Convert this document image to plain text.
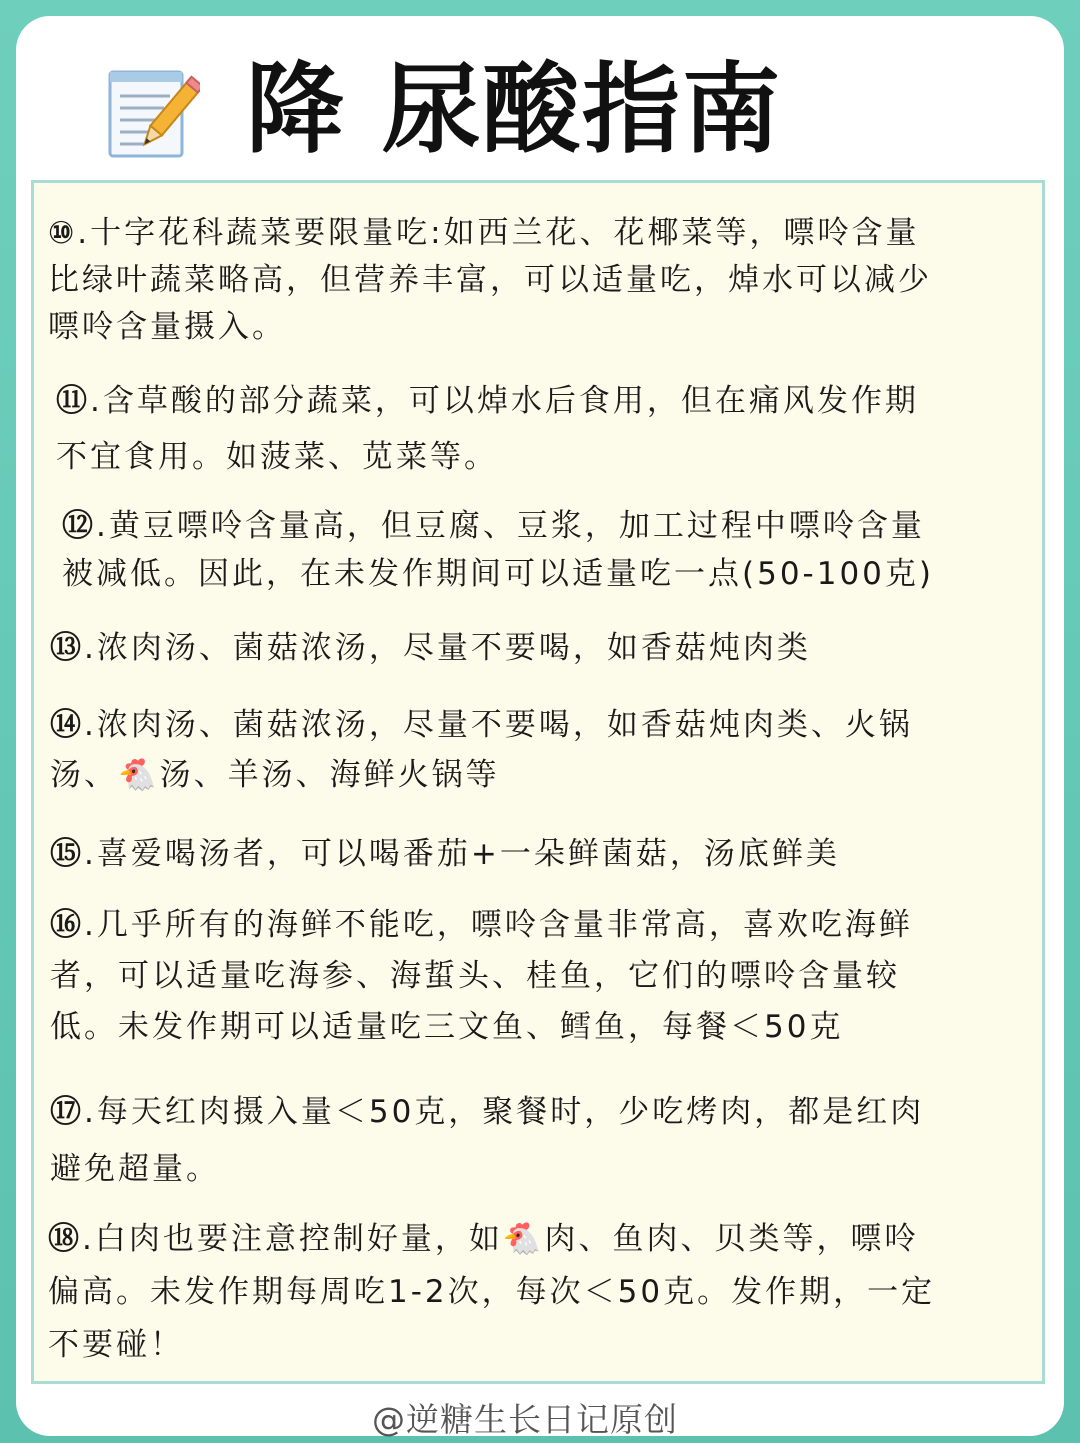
降 尿酸指南
⑩.十字花科蔬菜要限量吃:如西兰花、花椰菜等，嘌呤含量
比绿叶蔬菜略高，但营养丰富，可以适量吃，焯水可以减少
嘌呤含量摄入。
⑪.含草酸的部分蔬菜，可以焯水后食用，但在痛风发作期
不宜食用。如菠菜、苋菜等。
⑫.黄豆嘌呤含量高，但豆腐、豆浆，加工过程中嘌呤含量
被减低。因此，在未发作期间可以适量吃一点(50-100克)
⑬.浓肉汤、菌菇浓汤，尽量不要喝，如香菇炖肉类
⑭.浓肉汤、菌菇浓汤，尽量不要喝，如香菇炖肉类、火锅
汤、🐔汤、羊汤、海鲜火锅等
⑮.喜爱喝汤者，可以喝番茄+一朵鲜菌菇，汤底鲜美
⑯.几乎所有的海鲜不能吃，嘌呤含量非常高，喜欢吃海鲜
者，可以适量吃海参、海蜇头、桂鱼，它们的嘌呤含量较
低。未发作期可以适量吃三文鱼、鳕鱼，每餐＜50克
⑰.每天红肉摄入量＜50克，聚餐时，少吃烤肉，都是红肉
避免超量。
⑱.白肉也要注意控制好量，如🐔肉、鱼肉、贝类等，嘌呤
偏高。未发作期每周吃1-2次，每次＜50克。发作期，一定
不要碰！
@逆糖生长日记原创
